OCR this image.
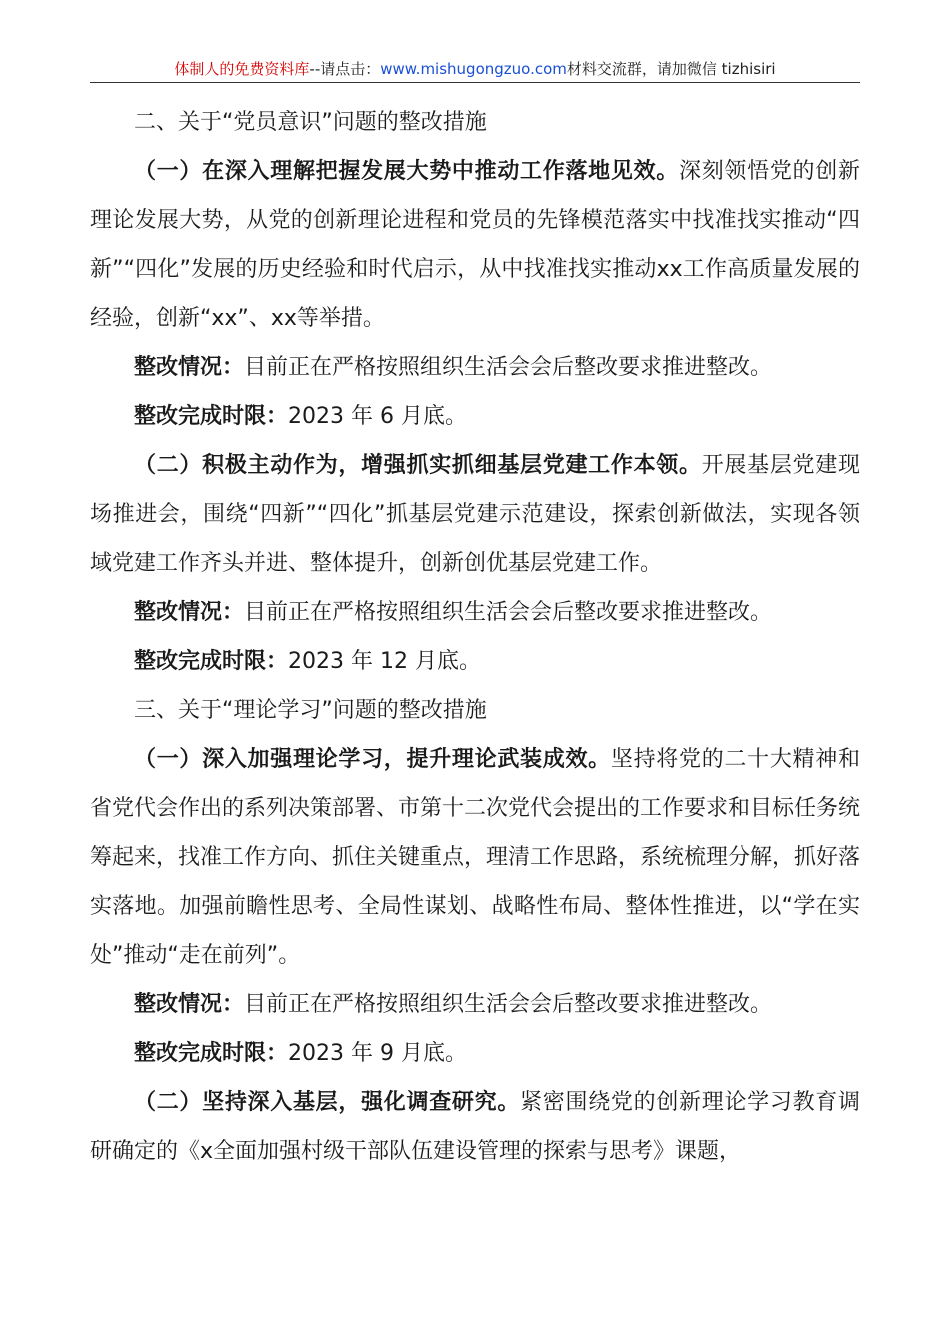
体制人的免费资料库--请点击：www.mishugongzuo.com材料交流群，请加微信 tizhisiri

二、关于“党员意识”问题的整改措施

（一）在深入理解把握发展大势中推动工作落地见效。深刻领悟党的创新理论发展大势，从党的创新理论进程和党员的先锋模范落实中找准找实推动“四新”“四化”发展的历史经验和时代启示，从中找准找实推动xx工作高质量发展的经验，创新“xx”、xx等举措。

整改情况：目前正在严格按照组织生活会会后整改要求推进整改。

整改完成时限：2023 年 6 月底。

（二）积极主动作为，增强抓实抓细基层党建工作本领。开展基层党建现场推进会，围绕“四新”“四化”抓基层党建示范建设，探索创新做法，实现各领域党建工作齐头并进、整体提升，创新创优基层党建工作。

整改情况：目前正在严格按照组织生活会会后整改要求推进整改。

整改完成时限：2023 年 12 月底。

三、关于“理论学习”问题的整改措施

（一）深入加强理论学习，提升理论武装成效。坚持将党的二十大精神和省党代会作出的系列决策部署、市第十二次党代会提出的工作要求和目标任务统筹起来，找准工作方向、抓住关键重点，理清工作思路，系统梳理分解，抓好落实落地。加强前瞻性思考、全局性谋划、战略性布局、整体性推进，以“学在实处”推动“走在前列”。

整改情况：目前正在严格按照组织生活会会后整改要求推进整改。

整改完成时限：2023 年 9 月底。

（二）坚持深入基层，强化调查研究。紧密围绕党的创新理论学习教育调研确定的《x全面加强村级干部队伍建设管理的探索与思考》课题，
